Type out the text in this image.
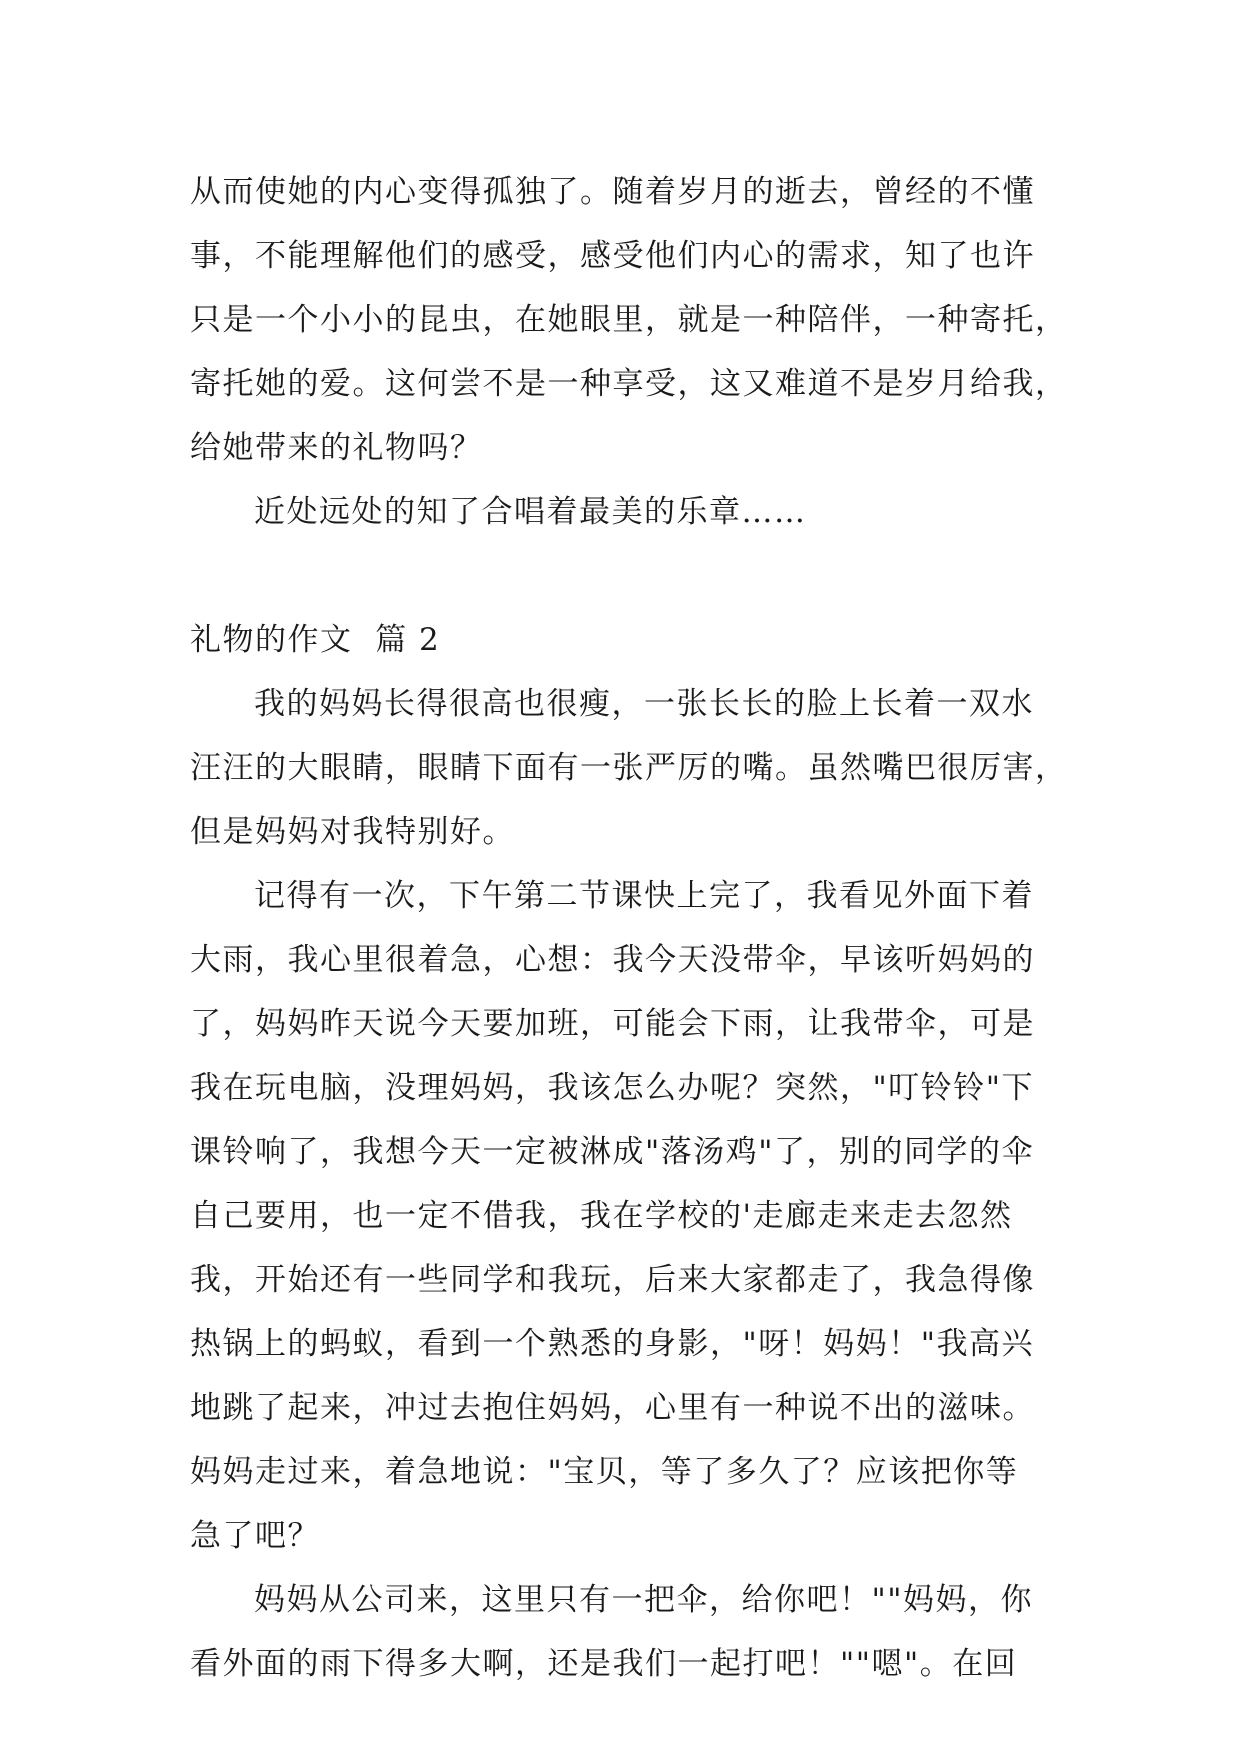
从而使她的内心变得孤独了。随着岁月的逝去，曾经的不懂
事，不能理解他们的感受，感受他们内心的需求，知了也许
只是一个小小的昆虫，在她眼里，就是一种陪伴，一种寄托，
寄托她的爱。这何尝不是一种享受，这又难道不是岁月给我，
给她带来的礼物吗？
近处远处的知了合唱着最美的乐章……
礼物的作文  篇 2
我的妈妈长得很高也很瘦，一张长长的脸上长着一双水
汪汪的大眼睛，眼睛下面有一张严厉的嘴。虽然嘴巴很厉害，
但是妈妈对我特别好。
记得有一次，下午第二节课快上完了，我看见外面下着
大雨，我心里很着急，心想：我今天没带伞，早该听妈妈的
了，妈妈昨天说今天要加班，可能会下雨，让我带伞，可是
我在玩电脑，没理妈妈，我该怎么办呢？突然，"叮铃铃"下
课铃响了，我想今天一定被淋成"落汤鸡"了，别的同学的伞
自己要用，也一定不借我，我在学校的'走廊走来走去忽然
我，开始还有一些同学和我玩，后来大家都走了，我急得像
热锅上的蚂蚁，看到一个熟悉的身影，"呀！妈妈！"我高兴
地跳了起来，冲过去抱住妈妈，心里有一种说不出的滋味。
妈妈走过来，着急地说："宝贝，等了多久了？应该把你等
急了吧？
妈妈从公司来，这里只有一把伞，给你吧！""妈妈，你
看外面的雨下得多大啊，还是我们一起打吧！""嗯"。在回
